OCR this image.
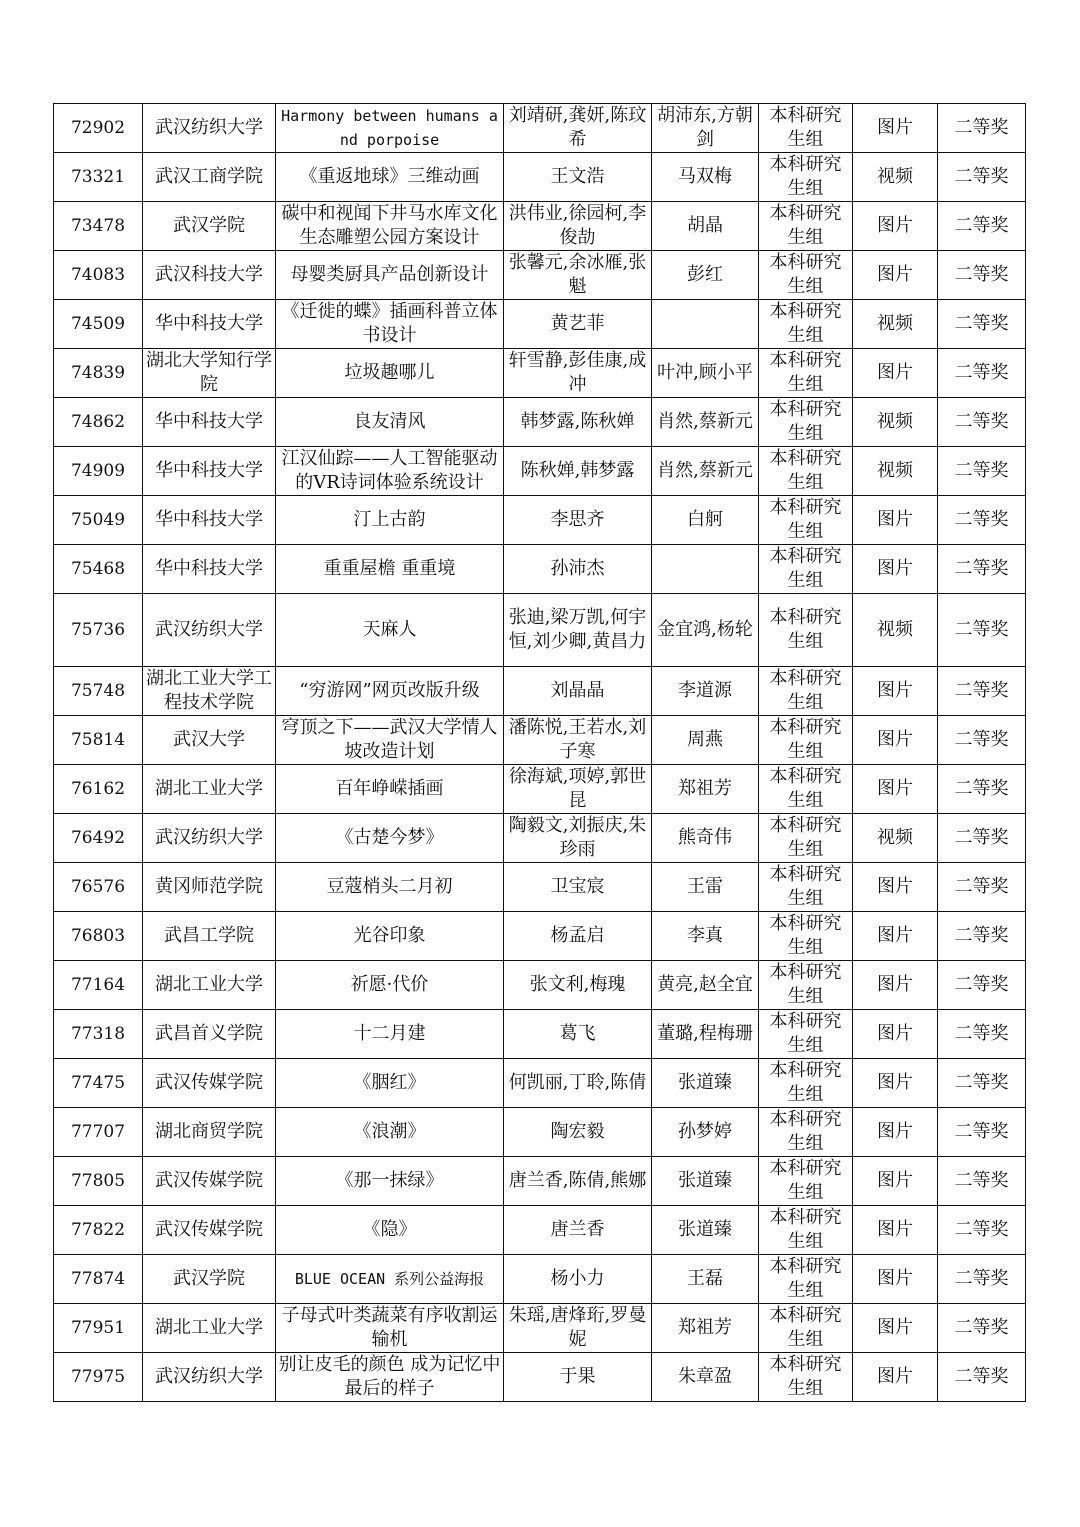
72902	武汉纺织大学	Harmony between humans and porpoise	刘靖研,龚妍,陈玟希	胡沛东,方朝剑	本科研究生组	图片	二等奖
73321	武汉工商学院	《重返地球》三维动画	王文浩	马双梅	本科研究生组	视频	二等奖
73478	武汉学院	碳中和视闻下井马水库文化生态雕塑公园方案设计	洪伟业,徐园柯,李俊劼	胡晶	本科研究生组	图片	二等奖
74083	武汉科技大学	母婴类厨具产品创新设计	张馨元,余冰雁,张魁	彭红	本科研究生组	图片	二等奖
74509	华中科技大学	《迁徙的蝶》插画科普立体书设计	黄艺菲		本科研究生组	视频	二等奖
74839	湖北大学知行学院	垃圾趣哪儿	轩雪静,彭佳康,成冲	叶冲,顾小平	本科研究生组	图片	二等奖
74862	华中科技大学	良友清风	韩梦露,陈秋婵	肖然,蔡新元	本科研究生组	视频	二等奖
74909	华中科技大学	江汉仙踪——人工智能驱动的VR诗词体验系统设计	陈秋婵,韩梦露	肖然,蔡新元	本科研究生组	视频	二等奖
75049	华中科技大学	汀上古韵	李思齐	白舸	本科研究生组	图片	二等奖
75468	华中科技大学	重重屋檐 重重境	孙沛杰		本科研究生组	图片	二等奖
75736	武汉纺织大学	天麻人	张迪,梁万凯,何宇恒,刘少卿,黄昌力	金宜鸿,杨轮	本科研究生组	视频	二等奖
75748	湖北工业大学工程技术学院	“穷游网”网页改版升级	刘晶晶	李道源	本科研究生组	图片	二等奖
75814	武汉大学	穹顶之下——武汉大学情人坡改造计划	潘陈悦,王若水,刘子寒	周燕	本科研究生组	图片	二等奖
76162	湖北工业大学	百年峥嵘插画	徐海斌,项婷,郭世昆	郑祖芳	本科研究生组	图片	二等奖
76492	武汉纺织大学	《古楚今梦》	陶毅文,刘振庆,朱珍雨	熊奇伟	本科研究生组	视频	二等奖
76576	黄冈师范学院	豆蔻梢头二月初	卫宝宸	王雷	本科研究生组	图片	二等奖
76803	武昌工学院	光谷印象	杨孟启	李真	本科研究生组	图片	二等奖
77164	湖北工业大学	祈愿·代价	张文利,梅瑰	黄亮,赵全宜	本科研究生组	图片	二等奖
77318	武昌首义学院	十二月建	葛飞	董璐,程梅珊	本科研究生组	图片	二等奖
77475	武汉传媒学院	《胭红》	何凯丽,丁聆,陈倩	张道臻	本科研究生组	图片	二等奖
77707	湖北商贸学院	《浪潮》	陶宏毅	孙梦婷	本科研究生组	图片	二等奖
77805	武汉传媒学院	《那一抹绿》	唐兰香,陈倩,熊娜	张道臻	本科研究生组	图片	二等奖
77822	武汉传媒学院	《隐》	唐兰香	张道臻	本科研究生组	图片	二等奖
77874	武汉学院	BLUE OCEAN 系列公益海报	杨小力	王磊	本科研究生组	图片	二等奖
77951	湖北工业大学	子母式叶类蔬菜有序收割运输机	朱瑶,唐烽珩,罗曼妮	郑祖芳	本科研究生组	图片	二等奖
77975	武汉纺织大学	别让皮毛的颜色 成为记忆中最后的样子	于果	朱章盈	本科研究生组	图片	二等奖
